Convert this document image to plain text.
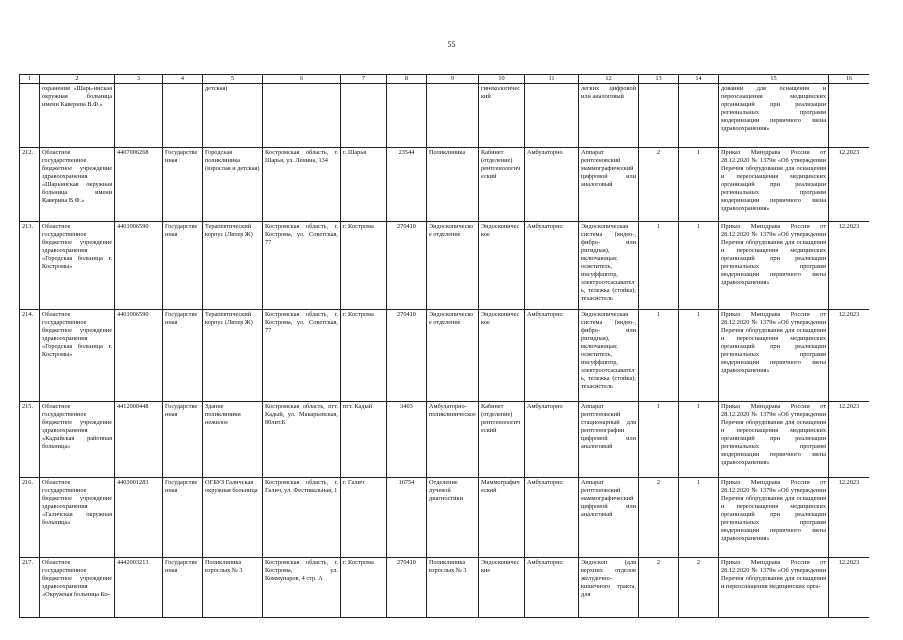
55
1	2	3	4	5	6	7	8	9	10	11	12	13	14	15	16
	охранения «Шарь-инская окружная больница имени Каверина В.Ф.»			детская)					гинекологический		легких цифровой или аналоговый			довании для оснащения и переоснащения медицинских организаций при реализации региональных программ модернизации первичного звена здравоохранения»	
212.	Областное государственное бюджетное учреждение здравоохранения «Шарьинская окружная больница имени Каверина В.Ф.»	4407006268	Государственная	Городская поликлиника (взрослая и детская)	Костромская область, г. Шарья, ул. Ленина, 134	г. Шарья	23544	Поликлиника	Кабинет (отделение) рентгенологический	Амбулаторно	Аппарат рентгеновский маммографический цифровой или аналоговый	2	1	Приказ Минздрава России от 28.12.2020 № 1379н «Об утверждении Перечня оборудования для оснащения и переоснащения медицинских организаций при реализации региональных программ модернизации первичного звена здравоохранения»	12.2023
213.	Областное государственное бюджетное учреждение здравоохранения «Городская больница г. Костромы»	4401006590	Государственная	Терапевтический корпус (Литер Ж)	Костромская область, г. Кострома, ул. Советская, 77	г. Кострома	270410	Эндоскопическое отделение	Эндоскопическое	Амбулаторно	Эндоскопическая система (видео-, фибро- или ригидная), включающая: осветитель, инсуффлятор, электроотсасыватель, тележка (стойка); техасистель	1	1	Приказ Минздрава России от 28.12.2020 № 1379н «Об утверждении Перечня оборудования для оснащения и переоснащения медицинских организаций при реализации региональных программ модернизации первичного звена здравоохранения»	12.2023
214.	Областное государственное бюджетное учреждение здравоохранения «Городская больница г. Костромы»	4401006590	Государственная	Терапевтический корпус (Литер Ж)	Костромская область, г. Кострома, ул. Советская, 77	г. Кострома	270410	Эндоскопическое отделение	Эндоскопическое	Амбулаторно	Эндоскопическая система (видео-, фибро- или ригидная), включающая: осветитель, инсуффлятор, электроотсасыватель, тележка (стойка); техасистель	1	1	Приказ Минздрава России от 28.12.2020 № 1379н «Об утверждении Перечня оборудования для оснащения и переоснащения медицинских организаций при реализации региональных программ модернизации первичного звена здравоохранения»	12.2023
215.	Областное государственное бюджетное учреждение здравоохранения «Кадыйская районная больница»	4412000448	Государственная	Здание поликлиники нежилое	Костромская область, пгт. Кадый, ул. Макарьевская, 80лит.Б	пгт. Кадый	3403	Амбулаторно-поликлиническое	Кабинет (отделение) рентгенологический	Амбулаторно	Аппарат рентгеновский стационарный для рентгенографии цифровой или аналоговый	1	1	Приказ Минздрава России от 28.12.2020 № 1379н «Об утверждении Перечня оборудования для оснащения и переоснащения медицинских организаций при реализации региональных программ модернизации первичного звена здравоохранения»	12.2023
216.	Областное государственное бюджетное учреждение здравоохранения «Галичская окружная больница»	4403001283	Государственная	ОГБУЗ Галичская окружная больница	Костромская область, г. Галич, ул. Фестивальная, 1	г. Галич	16754	Отделение лучевой диагностики	Маммографический	Амбулаторно	Аппарат рентгеновский маммографический цифровой или аналоговый	2	1	Приказ Минздрава России от 28.12.2020 № 1379н «Об утверждении Перечня оборудования для оснащения и переоснащения медицинских организаций при реализации региональных программ модернизации первичного звена здравоохранения»	12.2023
217.	Областное государственное бюджетное учреждение здравоохранения «Окружная больница Ко-	4442003213	Государственная	Поликлиника взрослых № 3	Костромская область, г. Кострома, ул. Коммунаров, 4 стр. А	г. Кострома	270410	Поликлиника взрослых № 3	Эндоскопические	Амбулаторно	Эндоскоп (для верхних отделов желудочно-кишечного тракта, для	2	2	Приказ Минздрава России от 28.12.2020 № 1379н «Об утверждении Перечня оборудования для оснащения и переоснащения медицинских орга-	12.2023
